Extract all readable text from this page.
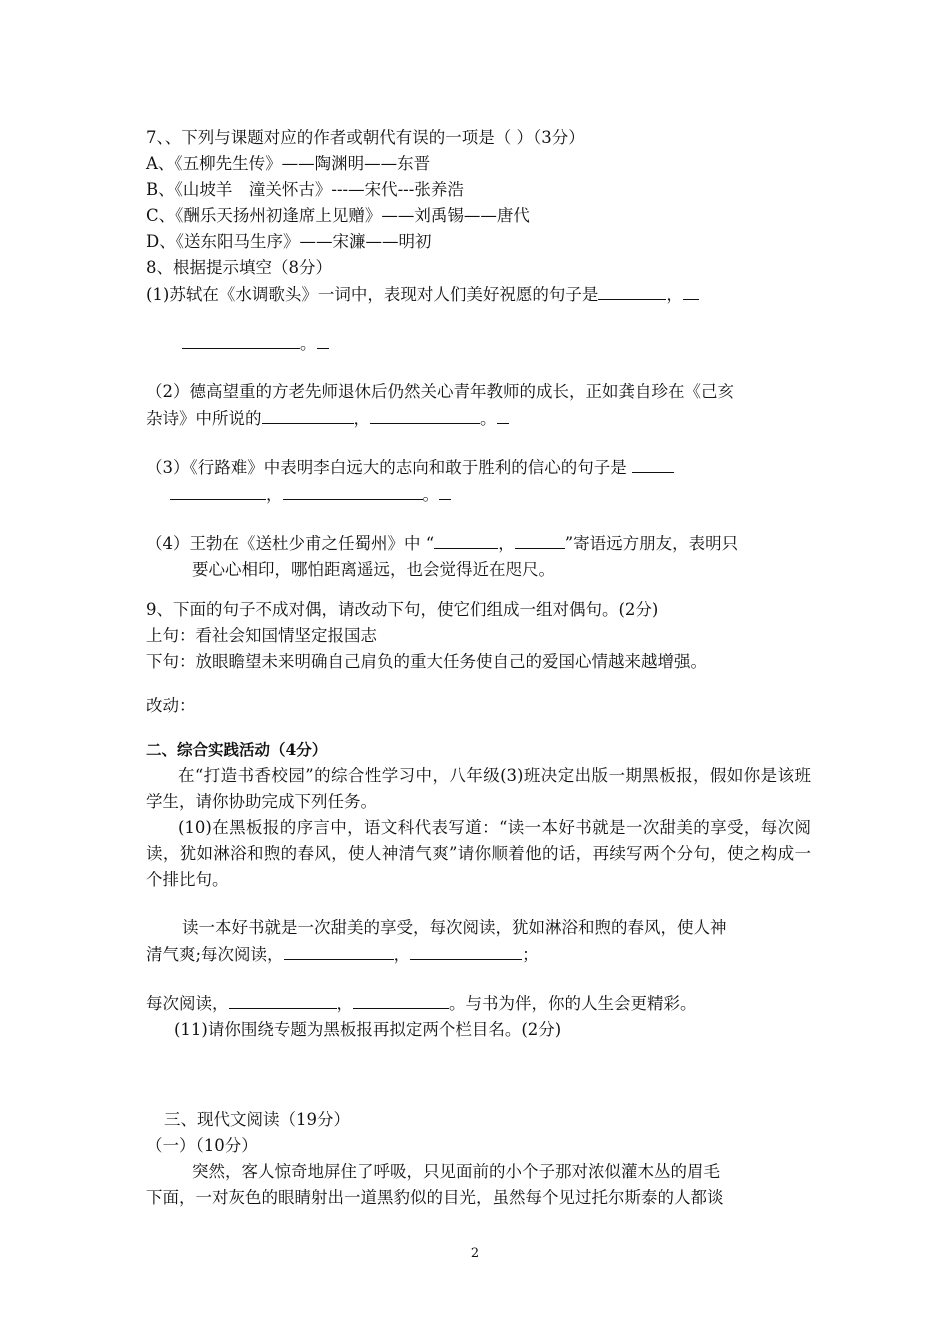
7、、下列与课题对应的作者或朝代有误的一项是（ ）（3分）

A、《五柳先生传》——陶渊明——东晋

B、《山坡羊　潼关怀古》---—宋代---张养浩

C、《酬乐天扬州初逢席上见赠》——刘禹锡——唐代

D、《送东阳马生序》——宋濂——明初

8、根据提示填空（8分）

(1)苏轼在《水调歌头》一词中，表现对人们美好祝愿的句子是	，

。

（2）德高望重的方老先师退休后仍然关心青年教师的成长，正如龚自珍在《己亥

杂诗》中所说的	，	。

（3）《行路难》中表明李白远大的志向和敢于胜利的信心的句子是

，	。

（4）王勃在《送杜少甫之任蜀州》中 “	，	”寄语远方朋友，表明只

要心心相印，哪怕距离遥远，也会觉得近在咫尺。

9、下面的句子不成对偶，请改动下句，使它们组成一组对偶句。(2分)

上句：看社会知国情坚定报国志

下句：放眼瞻望未来明确自己肩负的重大任务使自己的爱国心情越来越增强。

改动：

二、综合实践活动（4分）

在“打造书香校园”的综合性学习中，八年级(3)班决定出版一期黑板报，假如你是该班学生，请你协助完成下列任务。

(10)在黑板报的序言中，语文科代表写道：“读一本好书就是一次甜美的享受，每次阅读，犹如淋浴和煦的春风，使人神清气爽”请你顺着他的话，再续写两个分句，使之构成一个排比句。

读一本好书就是一次甜美的享受，每次阅读，犹如淋浴和煦的春风，使人神

清气爽;每次阅读，	，	；

每次阅读，	，	。与书为伴，你的人生会更精彩。

(11)请你围绕专题为黑板报再拟定两个栏目名。(2分)

三、现代文阅读（19分）

（一）（10分）

突然，客人惊奇地屏住了呼吸，只见面前的小个子那对浓似灌木丛的眉毛

下面，一对灰色的眼睛射出一道黑豹似的目光，虽然每个见过托尔斯泰的人都谈

2
